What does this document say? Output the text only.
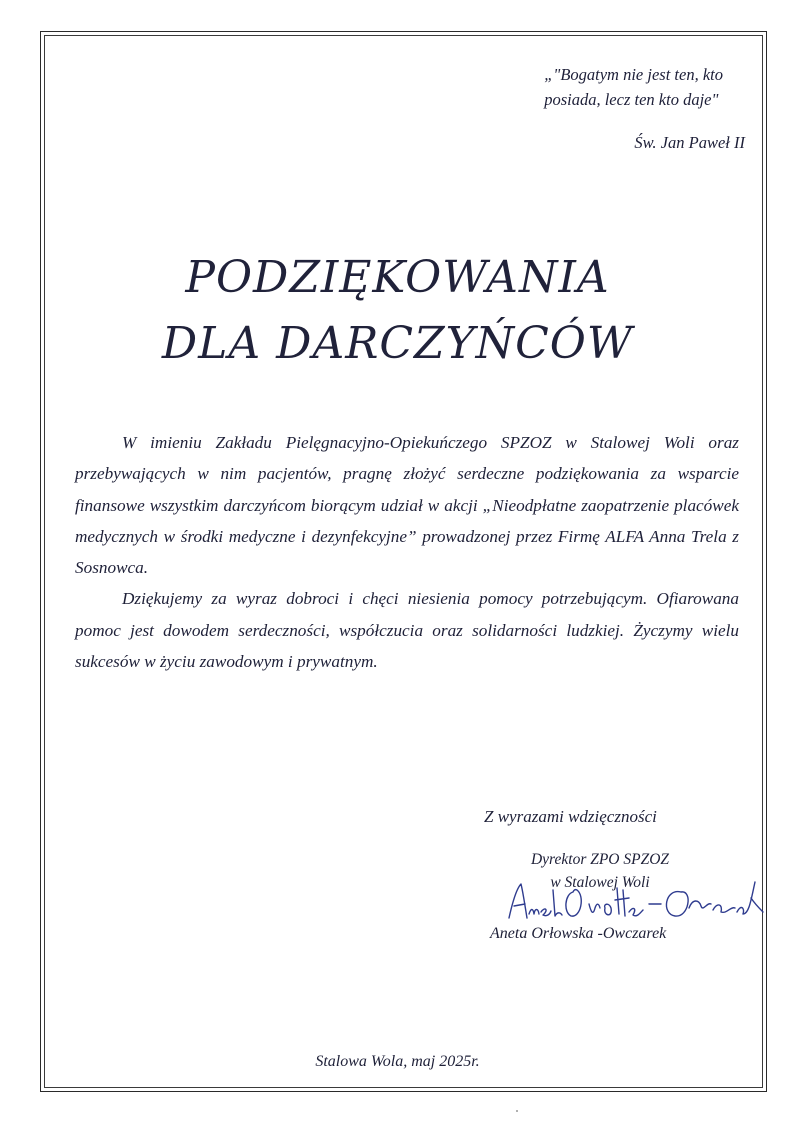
„"Bogatym nie jest ten, kto
posiada, lecz ten kto daje"
Św. Jan Paweł II
PODZIĘKOWANIA
DLA DARCZYŃCÓW

W imieniu Zakładu Pielęgnacyjno-Opiekuńczego SPZOZ w Stalowej Woli oraz przebywających w nim pacjentów, pragnę złożyć serdeczne podziękowania za wsparcie finansowe wszystkim darczyńcom biorącym udział w akcji „Nieodpłatne zaopatrzenie placówek medycznych w środki medyczne i dezynfekcyjne” prowadzonej przez Firmę ALFA Anna Trela z Sosnowca.

Dziękujemy za wyraz dobroci i chęci niesienia pomocy potrzebującym. Ofiarowana pomoc jest dowodem serdeczności, współczucia oraz solidarności ludzkiej. Życzymy wielu sukcesów w życiu zawodowym i prywatnym.

Z wyrazami wdzięczności
Dyrektor ZPO SPZOZ
w Stalowej Woli
Aneta Orłowska -Owczarek
Stalowa Wola, maj 2025r.
